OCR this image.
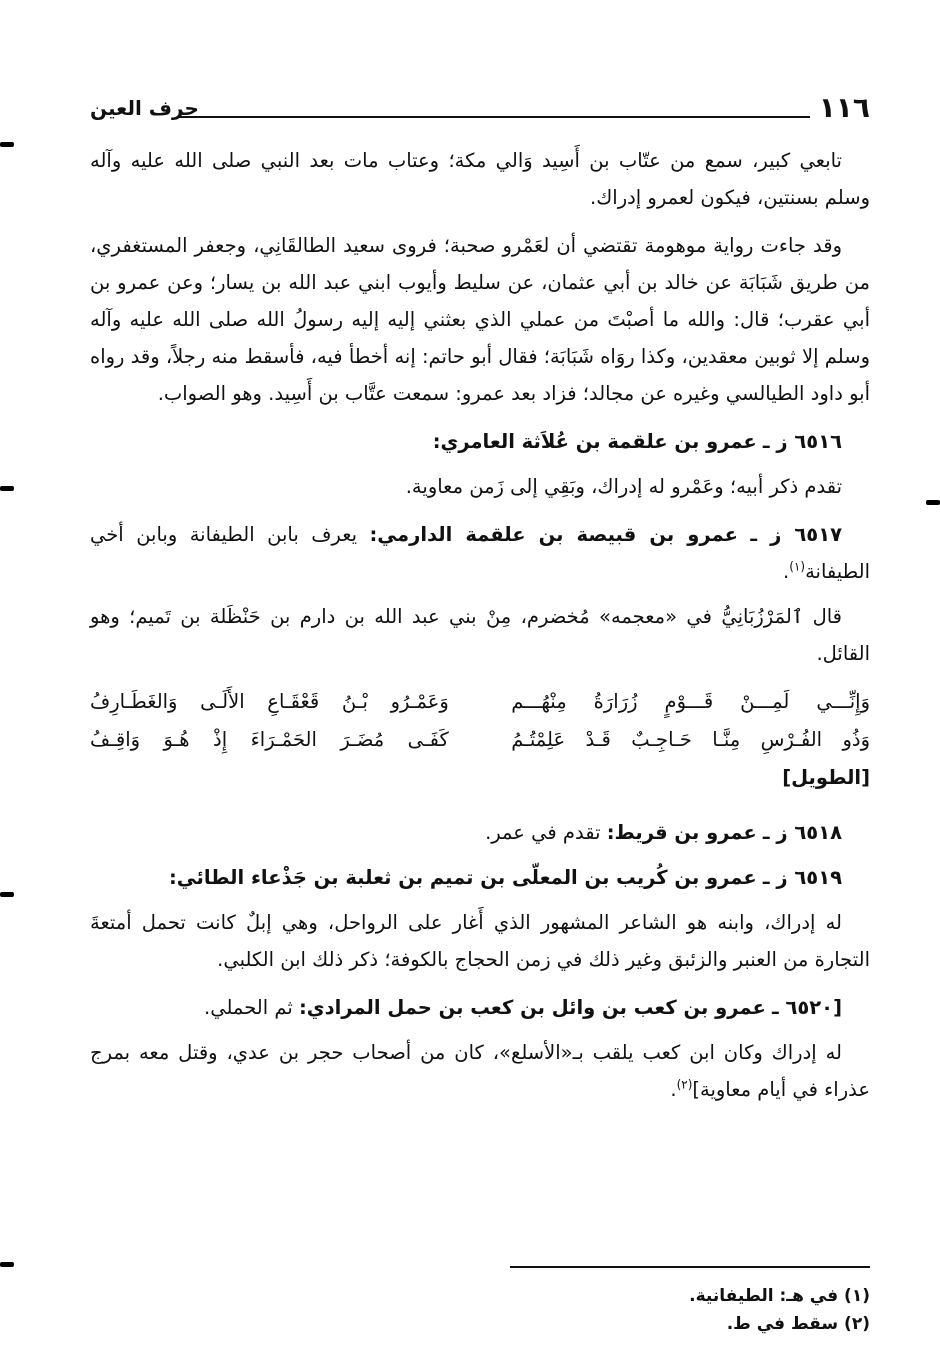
١١٦
حرف العين

تابعي كبير، سمع من عتّاب بن أَسِيد وَالي مكة؛ وعتاب مات بعد النبي صلى الله عليه وآله وسلم بسنتين، فيكون لعمرو إدراك.

وقد جاءت رواية موهومة تقتضي أن لعَمْرو صحبة؛ فروى سعيد الطالقَانِي، وجعفر المستغفري، من طريق شَبَابَة عن خالد بن أبي عثمان، عن سليط وأيوب ابني عبد الله بن يسار؛ وعن عمرو بن أبي عقرب؛ قال: والله ما أصبْتَ من عملي الذي بعثني إليه إليه رسولُ الله صلى الله عليه وآله وسلم إلا ثوبين معقدين، وكذا روَاه شَبَابَة؛ فقال أبو حاتم: إنه أخطأ فيه، فأسقط منه رجلاً، وقد رواه أبو داود الطيالسي وغيره عن مجالد؛ فزاد بعد عمرو: سمعت عتَّاب بن أَسِيد. وهو الصواب.

٦٥١٦ ز ـ عمرو بن علقمة بن عُلاَثة العامري:

تقدم ذكر أبيه؛ وعَمْرو له إدراك، وبَقِي إلى زَمن معاوية.

٦٥١٧ ز ـ عمرو بن قبيصة بن علقمة الدارمي: يعرف بابن الطيفانة وبابن أخي الطيفانة$^{(١)}$.

قال ٱلمَرْزُبَانِيُّ في «معجمه» مُخضرم، مِنْ بني عبد الله بن دارم بن حَنْظَلة بن تَميم؛ وهو القائل.

وَإِنِّـــي لَمِـــنْ قَـــوْمٍ زُرَارَةُ مِنْهُـــم
وَعَمْـرُو بْـنُ قَعْقَـاعِ الأَلَـى وَالغَطَـارِفُ
وَذُو الفُـرْسِ مِنَّـا حَـاجِـبٌ قَـدْ عَلِمْتُـمُ
كَفَـى مُضَـرَ الحَمْـرَاءَ إِذْ هُـوَ وَاقِـفُ

[الطويل]

٦٥١٨ ز ـ عمرو بن قريط: تقدم في عمر.

٦٥١٩ ز ـ عمرو بن كُريب بن المعلّى بن تميم بن ثعلبة بن جَذْعاء الطائي:

له إدراك، وابنه هو الشاعر المشهور الذي أَغار على الرواحل، وهي إبلٌ كانت تحمل أمتعةَ التجارة من العنبر والزئبق وغير ذلك في زمن الحجاج بالكوفة؛ ذكر ذلك ابن الكلبي.

[٦٥٢٠ ـ عمرو بن كعب بن وائل بن كعب بن حمل المرادي: ثم الحملي.

له إدراك وكان ابن كعب يلقب بـ«الأسلع»، كان من أصحاب حجر بن عدي، وقتل معه بمرج عذراء في أيام معاوية]$^{(٢)}$.

(١) في هـ: الطيفانية.

(٢) سقط في ط.
